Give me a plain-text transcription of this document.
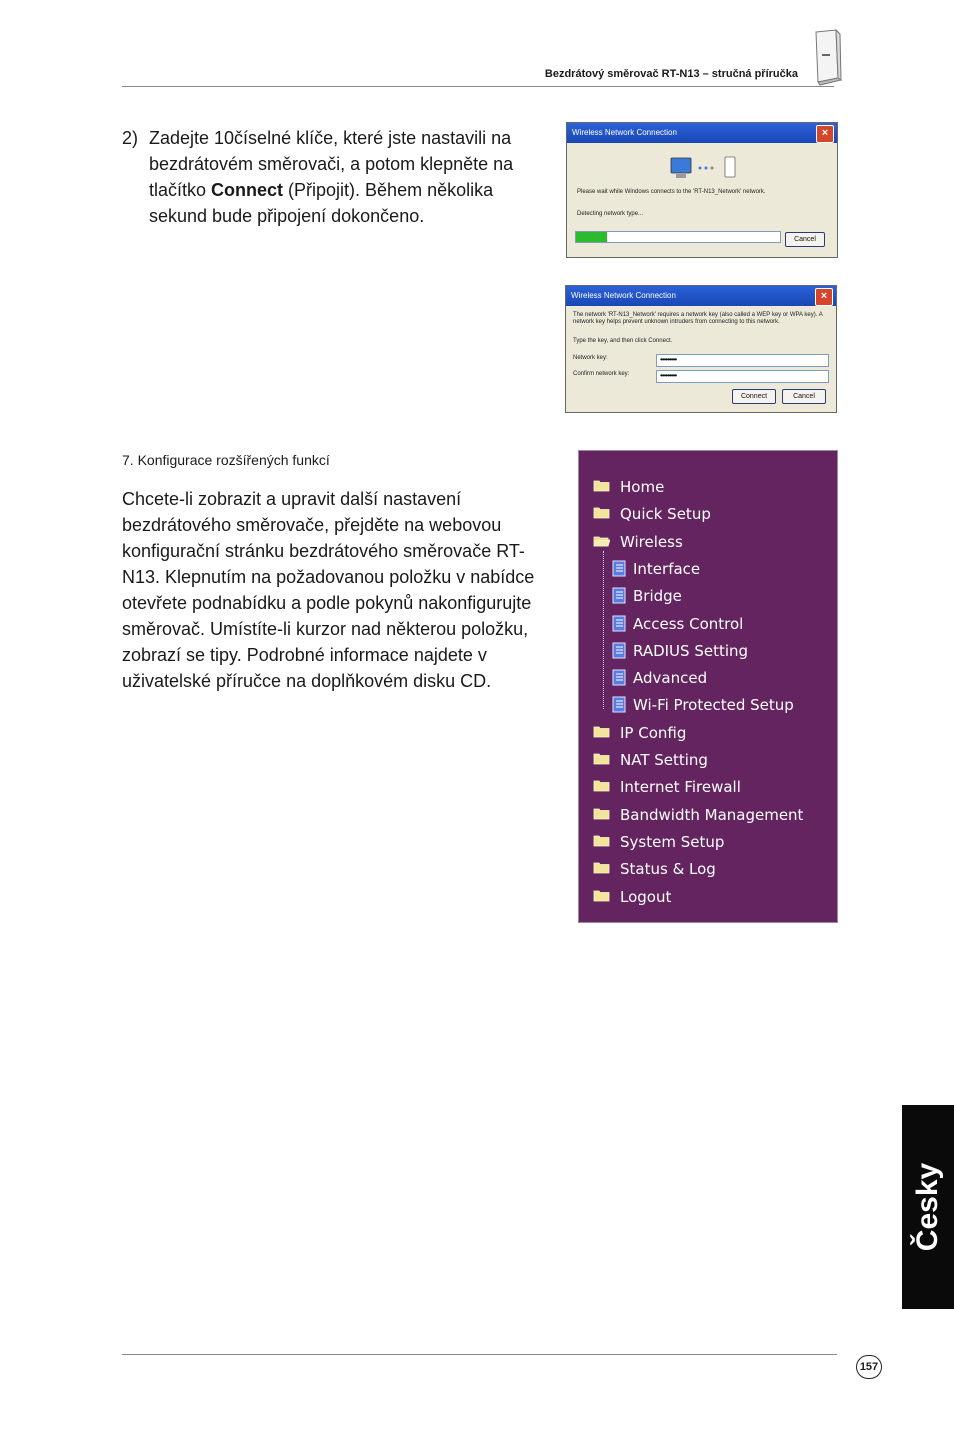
Bezdrátový směrovač RT-N13 – stručná příručka
2) Zadejte 10číselné klíče, které jste nastavili na bezdrátovém směrovači, a potom klepněte na tlačítko Connect (Připojit). Během několika sekund bude připojení dokončeno.
Wireless Network Connection	×
Please wait while Windows connects to the 'RT-N13_Network' network.
Detecting network type...
Cancel
Wireless Network Connection	×
The network 'RT-N13_Network' requires a network key (also called a WEP key or WPA key). A network key helps prevent unknown intruders from connecting to this network.
Type the key, and then click Connect.
Network key:	•••••••••
Confirm network key:	•••••••••
Connect	Cancel
7. Konfigurace rozšířených funkcí
Chcete-li zobrazit a upravit další nastavení bezdrátového směrovače, přejděte na webovou konfigurační stránku bezdrátového směrovače RT-N13. Klepnutím na požadovanou položku v nabídce otevřete podnabídku a podle pokynů nakonfigurujte směrovač. Umístíte-li kurzor nad některou položku, zobrazí se tipy. Podrobné informace najdete v uživatelské příručce na doplňkovém disku CD.
Home
Quick Setup
Wireless
Interface
Bridge
Access Control
RADIUS Setting
Advanced
Wi-Fi Protected Setup
IP Config
NAT Setting
Internet Firewall
Bandwidth Management
System Setup
Status & Log
Logout
Česky
157
